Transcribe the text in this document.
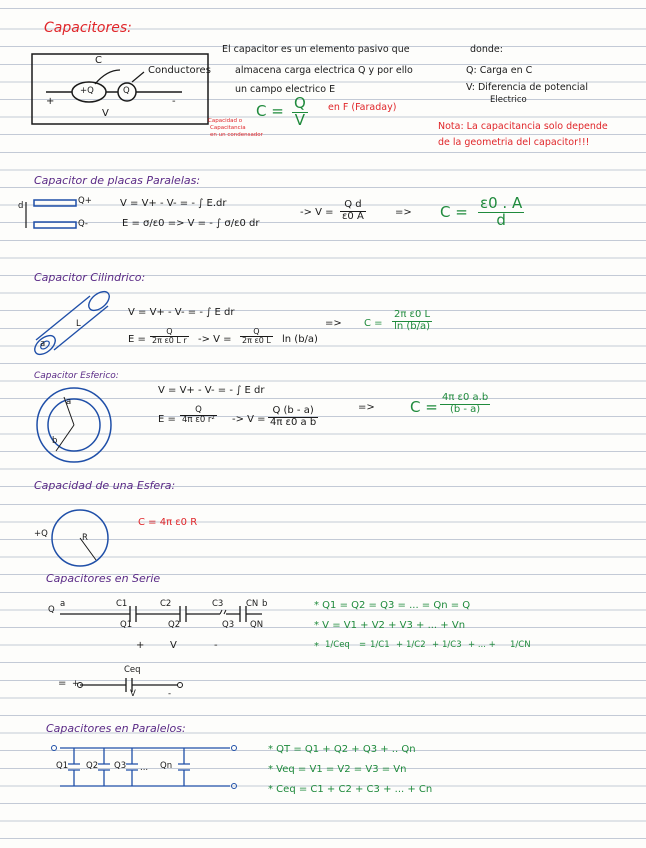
Capacitores:
C
Conductores
+Q	Q
+	-
V
El capacitor es un elemento pasivo que
almacena carga electrica Q y por ello
un campo electrico E
$C = \frac{Q}{V}$ en F (Faraday)
Capacidad o
Capacitancia
en un condensador
donde:
Q: Carga en C
V: Diferencia de potencial
Electrico
Nota: La capacitancia solo depende
de la geometria del capacitor!!!
Capacitor de placas Paralelas:
d	Q+
Q-
V = V+ - V- = - ∫ E.dr
E = σ/ε0 => V = - ∫ σ/ε0 dr
-> $V = \frac{\text{Q d}}{\varepsilon 0 A}$	=> $C = \frac{\varepsilon 0 . A}{d}$
Capacitor Cilindrico:
L
a
V = V+ - V- = - ∫ E dr
$E = \frac{Q}{\text{2π ε0 L r}} -> V = \frac{Q}{\text{2π ε0 L}}$ ln (b/a)
=> $C = \frac{\text{2π ε0 L}}{\ln (b/a)}$
Capacitor Esferico:
a
b
V = V+ - V- = - ∫ E dr
$E = \frac{Q}{\text{4π ε0 r²}} -> V = \frac{Q (b - a)}{\text{4π ε0 a b}}$	=> $C = \frac{\text{4π ε0 a.b}}{(b - a)}$
Capacidad de una Esfera:
+Q	R
C = 4π ε0 R
Capacitores en Serie
Q
a	b
C1	C2	C3	CN
Q1	Q2	Q3 QN
+	V	-
* Q1 = Q2 = Q3 = ... = Qn = Q
* V = V1 + V2 + V3 + ... + Vn
* 1/Ceq = 1/C1 + 1/C2 + 1/C3 + ... + 1/CN
=
Ceq
+
V	-
Capacitores en Paralelos:
Q1 Q2 Q3	Qn
...
* QT = Q1 + Q2 + Q3 + .. Qn
* Veq = V1 = V2 = V3 = Vn
* Ceq = C1 + C2 + C3 + ... + Cn
